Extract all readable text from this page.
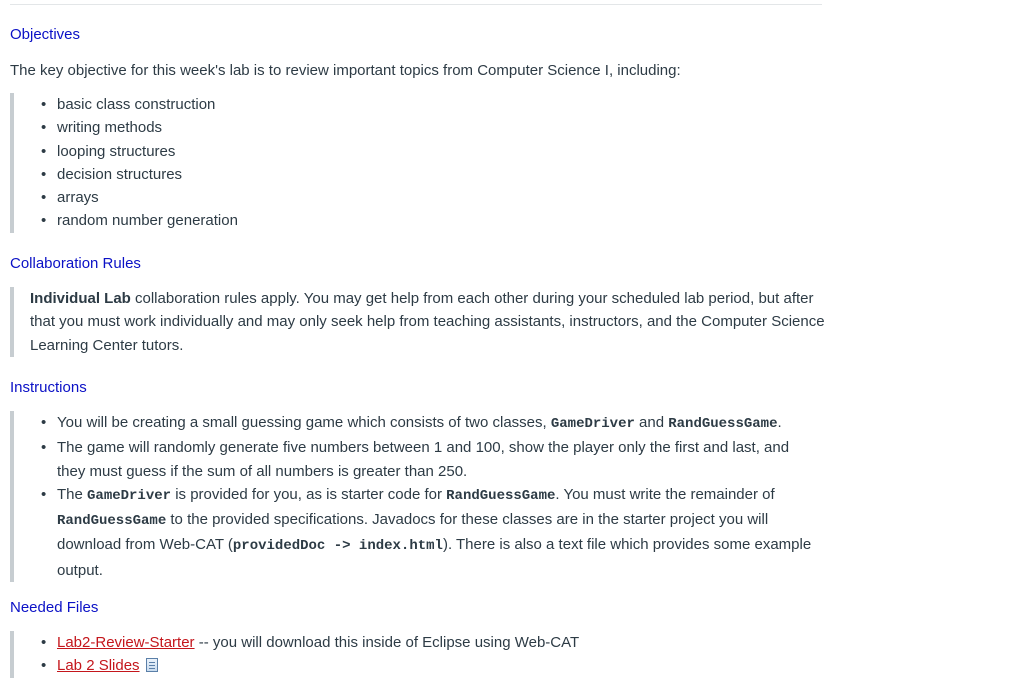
Objectives

The key objective for this week's lab is to review important topics from Computer Science I, including:

• basic class construction
• writing methods
• looping structures
• decision structures
• arrays
• random number generation
Collaboration Rules

Individual Lab collaboration rules apply. You may get help from each other during your scheduled lab period, but after that you must work individually and may only seek help from teaching assistants, instructors, and the Computer Science Learning Center tutors.

Instructions
• You will be creating a small guessing game which consists of two classes, GameDriver and RandGuessGame.
• The game will randomly generate five numbers between 1 and 100, show the player only the first and last, and they must guess if the sum of all numbers is greater than 250.
• The GameDriver is provided for you, as is starter code for RandGuessGame. You must write the remainder of RandGuessGame to the provided specifications. Javadocs for these classes are in the starter project you will download from Web-CAT (providedDoc -> index.html). There is also a text file which provides some example output.
Needed Files
• Lab2-Review-Starter -- you will download this inside of Eclipse using Web-CAT
• Lab 2 Slides
